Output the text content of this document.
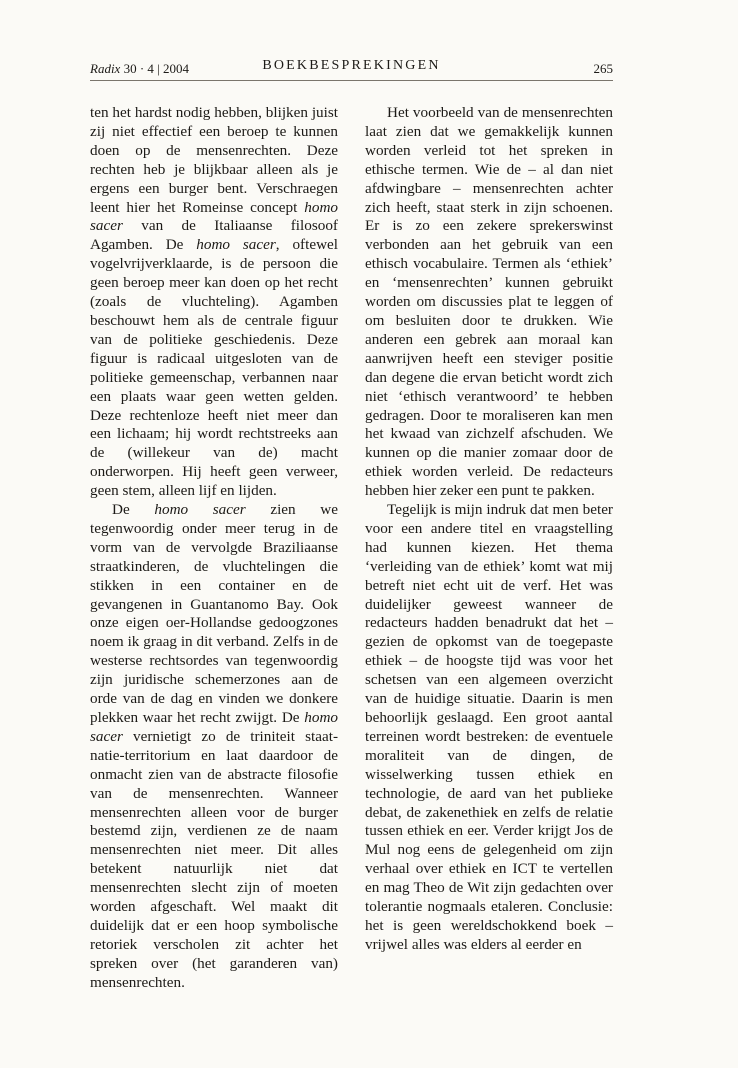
Radix 30 · 4 | 2004	BOEKBESPREKINGEN	265

ten het hardst nodig hebben, blijken juist zij niet effectief een beroep te kunnen doen op de mensenrechten. Deze rechten heb je blijkbaar alleen als je ergens een burger bent. Verschraegen leent hier het Romeinse concept homo sacer van de Italiaanse filosoof Agamben. De homo sacer, oftewel vogelvrijverklaarde, is de persoon die geen beroep meer kan doen op het recht (zoals de vluchteling). Agamben beschouwt hem als de centrale figuur van de politieke geschiedenis. Deze figuur is radicaal uitgesloten van de politieke gemeenschap, verbannen naar een plaats waar geen wetten gelden. Deze rechtenloze heeft niet meer dan een lichaam; hij wordt rechtstreeks aan de (willekeur van de) macht onderworpen. Hij heeft geen verweer, geen stem, alleen lijf en lijden.

De homo sacer zien we tegenwoordig onder meer terug in de vorm van de vervolgde Braziliaanse straatkinderen, de vluchtelingen die stikken in een container en de gevangenen in Guantanomo Bay. Ook onze eigen oer-Hollandse gedoogzones noem ik graag in dit verband. Zelfs in de westerse rechtsordes van tegenwoordig zijn juridische schemerzones aan de orde van de dag en vinden we donkere plekken waar het recht zwijgt. De homo sacer vernietigt zo de triniteit staat-natie-territorium en laat daardoor de onmacht zien van de abstracte filosofie van de mensenrechten. Wanneer mensenrechten alleen voor de burger bestemd zijn, verdienen ze de naam mensenrechten niet meer. Dit alles betekent natuurlijk niet dat mensenrechten slecht zijn of moeten worden afgeschaft. Wel maakt dit duidelijk dat er een hoop symbolische retoriek verscholen zit achter het spreken over (het garanderen van) mensenrechten.

Het voorbeeld van de mensenrechten laat zien dat we gemakkelijk kunnen worden verleid tot het spreken in ethische termen. Wie de – al dan niet afdwingbare – mensenrechten achter zich heeft, staat sterk in zijn schoenen. Er is zo een zekere sprekerswinst verbonden aan het gebruik van een ethisch vocabulaire. Termen als ‘ethiek’ en ‘mensenrechten’ kunnen gebruikt worden om discussies plat te leggen of om besluiten door te drukken. Wie anderen een gebrek aan moraal kan aanwrijven heeft een steviger positie dan degene die ervan beticht wordt zich niet ‘ethisch verantwoord’ te hebben gedragen. Door te moraliseren kan men het kwaad van zichzelf afschuden. We kunnen op die manier zomaar door de ethiek worden verleid. De redacteurs hebben hier zeker een punt te pakken.

Tegelijk is mijn indruk dat men beter voor een andere titel en vraagstelling had kunnen kiezen. Het thema ‘verleiding van de ethiek’ komt wat mij betreft niet echt uit de verf. Het was duidelijker geweest wanneer de redacteurs hadden benadrukt dat het – gezien de opkomst van de toegepaste ethiek – de hoogste tijd was voor het schetsen van een algemeen overzicht van de huidige situatie. Daarin is men behoorlijk geslaagd. Een groot aantal terreinen wordt bestreken: de eventuele moraliteit van de dingen, de wisselwerking tussen ethiek en technologie, de aard van het publieke debat, de zakenethiek en zelfs de relatie tussen ethiek en eer. Verder krijgt Jos de Mul nog eens de gelegenheid om zijn verhaal over ethiek en ICT te vertellen en mag Theo de Wit zijn gedachten over tolerantie nogmaals etaleren. Conclusie: het is geen wereldschokkend boek – vrijwel alles was elders al eerder en
